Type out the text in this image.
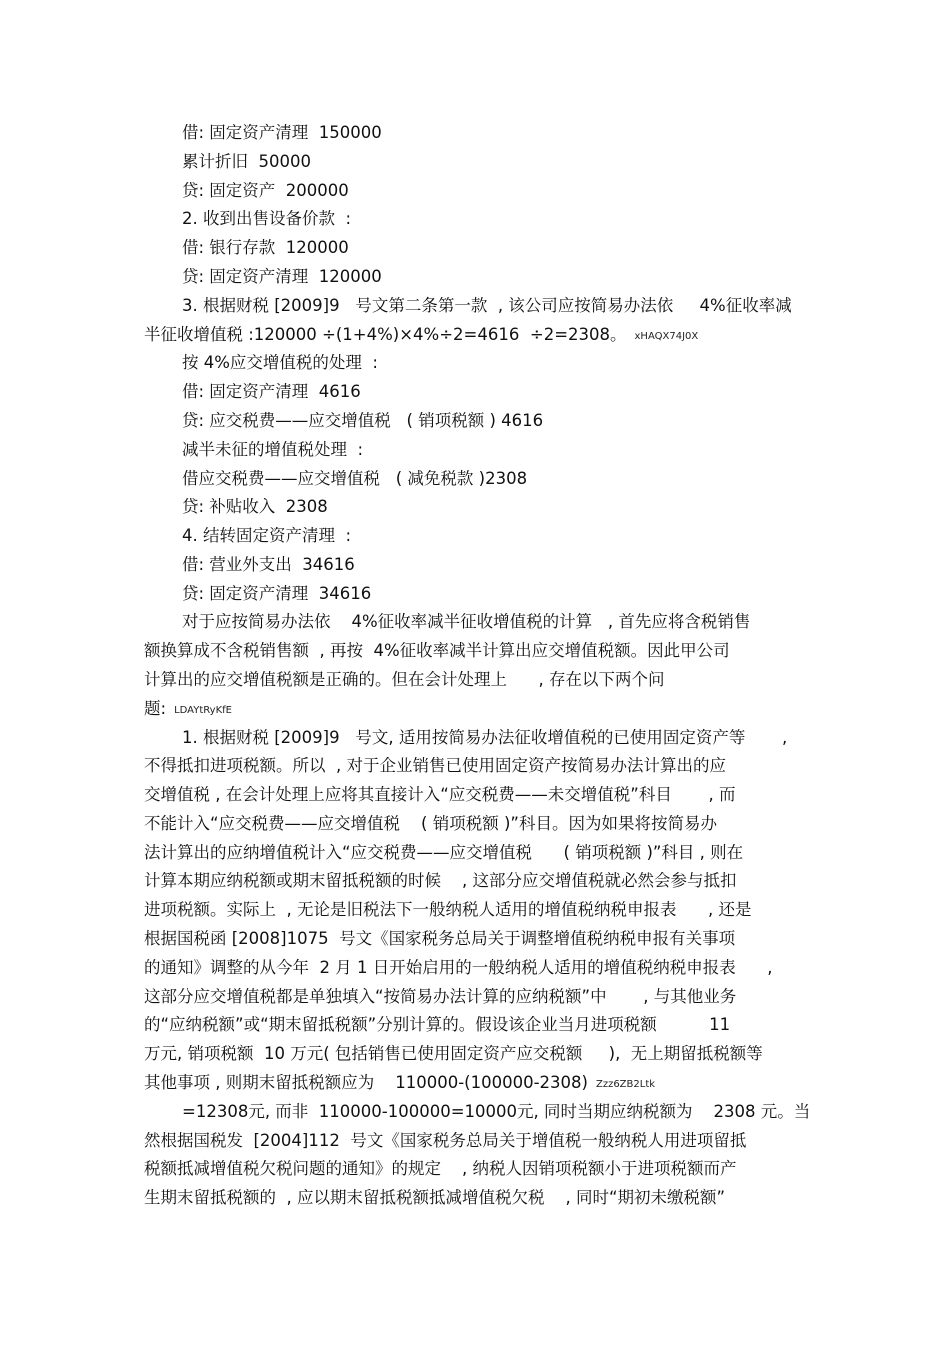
借: 固定资产清理  150000
累计折旧  50000
贷: 固定资产  200000
2. 收到出售设备价款  :
借: 银行存款  120000
贷: 固定资产清理  120000
3. 根据财税 [2009]9   号文第二条第一款  , 该公司应按简易办法依     4%征收率减
半征收增值税 :120000 ÷(1+4%)×4%÷2=4616  ÷2=2308。 xHAQX74J0X
按 4%应交增值税的处理  :
借: 固定资产清理  4616
贷: 应交税费——应交增值税   ( 销项税额 ) 4616
减半未征的增值税处理  :
借应交税费——应交增值税   ( 减免税款 )2308
贷: 补贴收入  2308
4. 结转固定资产清理  :
借: 营业外支出  34616
贷: 固定资产清理  34616
对于应按简易办法依    4%征收率减半征收增值税的计算   , 首先应将含税销售
额换算成不含税销售额  , 再按  4%征收率减半计算出应交增值税额。因此甲公司
计算出的应交增值税额是正确的。但在会计处理上      , 存在以下两个问
题: LDAYtRyKfE
1. 根据财税 [2009]9   号文, 适用按简易办法征收增值税的已使用固定资产等       ,
不得抵扣进项税额。所以  , 对于企业销售已使用固定资产按简易办法计算出的应
交增值税 , 在会计处理上应将其直接计入“应交税费——未交增值税”科目       , 而
不能计入“应交税费——应交增值税    ( 销项税额 )”科目。因为如果将按简易办
法计算出的应纳增值税计入“应交税费——应交增值税      ( 销项税额 )”科目 , 则在
计算本期应纳税额或期末留抵税额的时候    , 这部分应交增值税就必然会参与抵扣
进项税额。实际上  , 无论是旧税法下一般纳税人适用的增值税纳税申报表      , 还是
根据国税函 [2008]1075  号文《国家税务总局关于调整增值税纳税申报有关事项
的通知》调整的从今年  2 月 1 日开始启用的一般纳税人适用的增值税纳税申报表      ,
这部分应交增值税都是单独填入“按简易办法计算的应纳税额”中       , 与其他业务
的“应纳税额”或“期末留抵税额”分别计算的。假设该企业当月进项税额          11
万元, 销项税额  10 万元( 包括销售已使用固定资产应交税额     ),  无上期留抵税额等
其他事项 , 则期末留抵税额应为    110000-(100000-2308) Zzz6ZB2Ltk
=12308元, 而非  110000-100000=10000元, 同时当期应纳税额为    2308 元。当
然根据国税发  [2004]112  号文《国家税务总局关于增值税一般纳税人用进项留抵
税额抵减增值税欠税问题的通知》的规定    , 纳税人因销项税额小于进项税额而产
生期末留抵税额的  , 应以期末留抵税额抵减增值税欠税    , 同时“期初未缴税额”
